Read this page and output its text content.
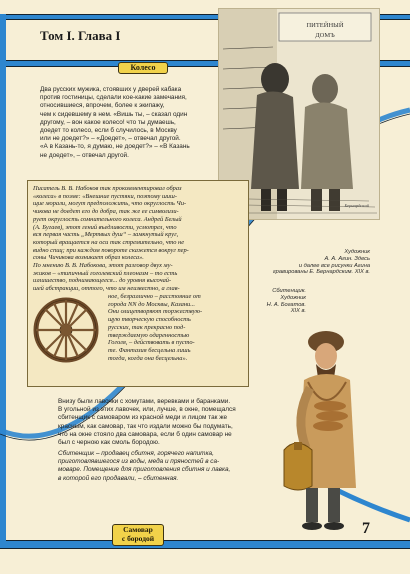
Том I. Глава I
Колесо
ПИТЕЙНЫЙ
ДОМЪ
Бернардский

Два русских мужика, стоявших у дверей кабака

против гостиницы, сделали кое-какие замечания,

относившиеся, впрочем, более к экипажу,

чем к сидевшему в нем. «Вишь ты, – сказал один

другому, – вон какое колесо! что ты думаешь,

доедет то колесо, если б случилось, в Москву

или не доедет?» – «Доедет», – отвечал другой.

«А в Казань-то, я думаю, не доедет?» – «В Казань

не доедет», – отвечал другой.

Писатель В. В. Набоков так прокомментировал образ

«колеса» в поэме: «Внешние пустяки, поэтому шиш-

щие морали, могут предположить, что округлость Чи-

чикова не доедет его до добра, так же ее символизи-

рует округлость сомнительного колеса. Андрей Белый

(А. Бугаев), этот гений въедливости, усмотрел, что

вся первая часть „Мертвых душ“ – замкнутый круг,

который вращается на оси так стремительно, что не

видно спиц; при каждом повороте скажется вокруг пер-

соны Чичикова возникает образ колеса».

По мнению В. В. Набокова, этот разговор двух му-

жиков – «типичный гоголевский плеоназм – то есть

излишество, поднимающееся... до уровня высочай-

шей абстракции, оттого, что им неизвестно, а глав-

ное, безразлично – расстояние от

города NN до Москвы, Казани...

Они олицетворяют торжествую-

щую творческую способность

русских, так прекрасно под-

тверждаемую одаренностью

Гоголя, – действовать в пусто-

те. Фантазия бесцельна лишь

тогда, когда она бесцельна».

Художник

А. А. Агин. Здесь

и далее все рисунки Агина

гравированы Е. Бернардским. XIX в.

Сбитенщик.

Художник

Н. А. Богатов.

XIX в.

Внизу были лавочки с хомутами, веревками и баранками.

В угольной из этих лавочек, или, лучше, в окне, помещался

сбитенщик с самоваром из красной меди и лицом так же

красным, как самовар, так что издали можно бы подумать,

что на окне стояло два самовара, если б один самовар не

был с черною как смоль бородою.

Сбитенщик – продавец сбитня, горячего напитка,

приготовлявшегося из воды, меда и пряностей в са-

моваре. Помещение для приготовления сбитня и лавка,

в которой его продавали, – сбитенная.

Самовар
с бородой
7
